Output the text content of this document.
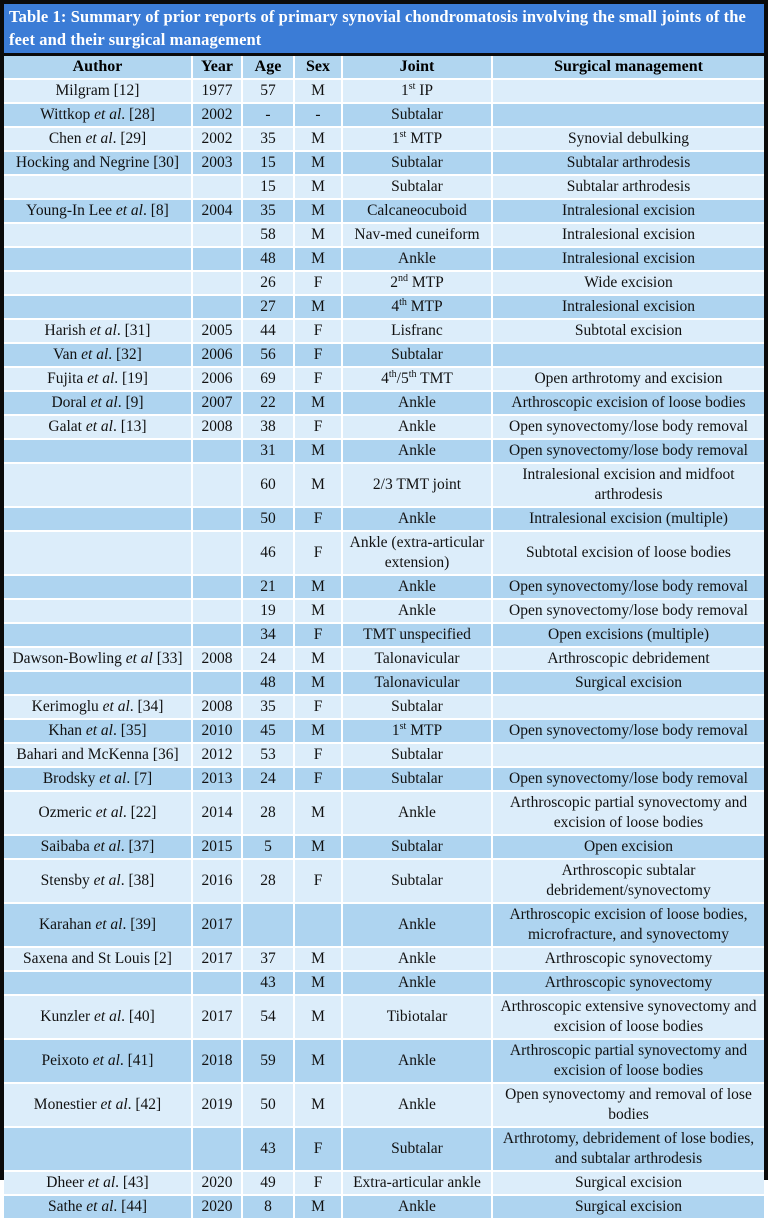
Table 1: Summary of prior reports of primary synovial chondromatosis involving the small joints of the feet and their surgical management
Author	Year	Age	Sex	Joint	Surgical management
Milgram [12]	1977	57	M	1st IP	
Wittkop et al. [28]	2002	-	-	Subtalar	
Chen et al. [29]	2002	35	M	1st MTP	Synovial debulking
Hocking and Negrine [30]	2003	15	M	Subtalar	Subtalar arthrodesis
		15	M	Subtalar	Subtalar arthrodesis
Young-In Lee et al. [8]	2004	35	M	Calcaneocuboid	Intralesional excision
		58	M	Nav-med cuneiform	Intralesional excision
		48	M	Ankle	Intralesional excision
		26	F	2nd MTP	Wide excision
		27	M	4th MTP	Intralesional excision
Harish et al. [31]	2005	44	F	Lisfranc	Subtotal excision
Van et al. [32]	2006	56	F	Subtalar	
Fujita et al. [19]	2006	69	F	4th/5th TMT	Open arthrotomy and excision
Doral et al. [9]	2007	22	M	Ankle	Arthroscopic excision of loose bodies
Galat et al. [13]	2008	38	F	Ankle	Open synovectomy/lose body removal
		31	M	Ankle	Open synovectomy/lose body removal
		60	M	2/3 TMT joint	Intralesional excision and midfoot arthrodesis
		50	F	Ankle	Intralesional excision (multiple)
		46	F	Ankle (extra-articular extension)	Subtotal excision of loose bodies
		21	M	Ankle	Open synovectomy/lose body removal
		19	M	Ankle	Open synovectomy/lose body removal
		34	F	TMT unspecified	Open excisions (multiple)
Dawson-Bowling et al [33]	2008	24	M	Talonavicular	Arthroscopic debridement
		48	M	Talonavicular	Surgical excision
Kerimoglu et al. [34]	2008	35	F	Subtalar	
Khan et al. [35]	2010	45	M	1st MTP	Open synovectomy/lose body removal
Bahari and McKenna [36]	2012	53	F	Subtalar	
Brodsky et al. [7]	2013	24	F	Subtalar	Open synovectomy/lose body removal
Ozmeric et al. [22]	2014	28	M	Ankle	Arthroscopic partial synovectomy and excision of loose bodies
Saibaba et al. [37]	2015	5	M	Subtalar	Open excision
Stensby et al. [38]	2016	28	F	Subtalar	Arthroscopic subtalar debridement/synovectomy
Karahan et al. [39]	2017			Ankle	Arthroscopic excision of loose bodies, microfracture, and synovectomy
Saxena and St Louis [2]	2017	37	M	Ankle	Arthroscopic synovectomy
		43	M	Ankle	Arthroscopic synovectomy
Kunzler et al. [40]	2017	54	M	Tibiotalar	Arthroscopic extensive synovectomy and excision of loose bodies
Peixoto et al. [41]	2018	59	M	Ankle	Arthroscopic partial synovectomy and excision of loose bodies
Monestier et al. [42]	2019	50	M	Ankle	Open synovectomy and removal of lose bodies
		43	F	Subtalar	Arthrotomy, debridement of lose bodies, and subtalar arthrodesis
Dheer et al. [43]	2020	49	F	Extra-articular ankle	Surgical excision
Sathe et al. [44]	2020	8	M	Ankle	Surgical excision
